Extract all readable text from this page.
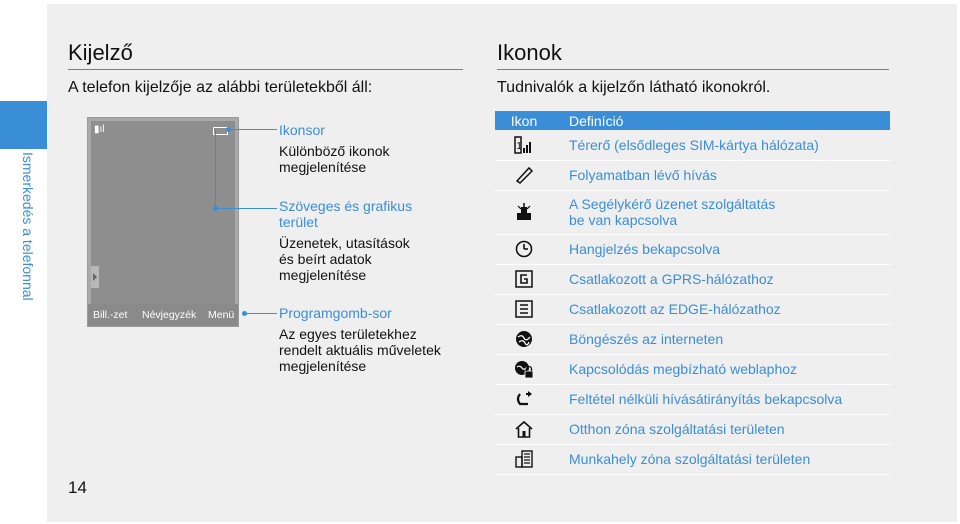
Ismerkedés a telefonnal
14
Kijelző
A telefon kijelzője az alábbi területekből áll:
▮ıl
Bill.-zet Névjegyzék Menü
Ikonsor
Különböző ikonok
megjelenítése
Szöveges és grafikus
terület
Üzenetek, utasítások
és beírt adatok
megjelenítése
Programgomb-sor
Az egyes területekhez
rendelt aktuális műveletek
megjelenítése
Ikonok
Tudnivalók a kijelzőn látható ikonokról.
Ikon	Definíció

1	Térerő (elsődleges SIM-kártya hálózata)

Folyamatban lévő hívás

A Segélykérő üzenet szolgáltatás
be van kapcsolva

Hangjelzés bekapcsolva

Csatlakozott a GPRS-hálózathoz

Csatlakozott az EDGE-hálózathoz

Böngészés az interneten

Kapcsolódás megbízható weblaphoz

Feltétel nélküli hívásátirányítás bekapcsolva

Otthon zóna szolgáltatási területen

Munkahely zóna szolgáltatási területen
